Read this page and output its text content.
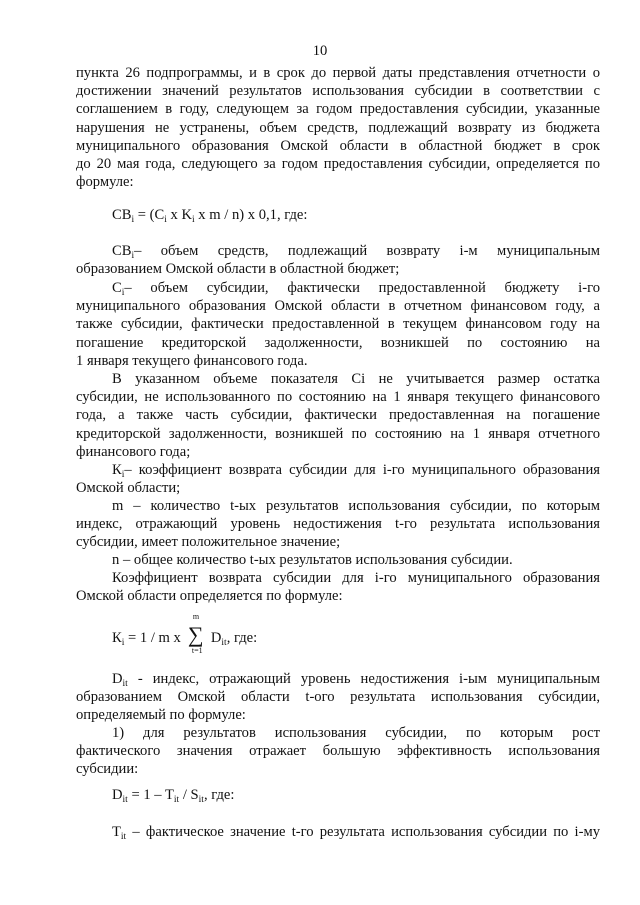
10
пункта 26 подпрограммы, и в срок до первой даты представления отчетности о
достижении значений результатов использования субсидии в соответствии с
соглашением в году, следующем за годом предоставления субсидии, указанные
нарушения не устранены, объем средств, подлежащий возврату из бюджета
муниципального образования Омской области в областной бюджет в срок
до 20 мая года, следующего за годом предоставления субсидии, определяется по
формуле:
$СВ_i = (C_i$ x $K_i$ x m / n) x 0,1, где:
$СВ_i-$ объем средств, подлежащий возврату i-м муниципальным
образованием Омской области в областной бюджет;
$С_i-$ объем субсидии, фактически предоставленной бюджету i-го
муниципального образования Омской области в отчетном финансовом году, а
также субсидии, фактически предоставленной в текущем финансовом году на
погашение кредиторской задолженности, возникшей по состоянию на
1 января текущего финансового года.
В указанном объеме показателя Ci не учитывается размер остатка
субсидии, не использованного по состоянию на 1 января текущего финансового
года, а также часть субсидии, фактически предоставленная на погашение
кредиторской задолженности, возникшей по состоянию на 1 января отчетного
финансового года;
$К_i-$ коэффициент возврата субсидии для i-го муниципального образования
Омской области;
m – количество t-ых результатов использования субсидии, по которым
индекс, отражающий уровень недостижения t-го результата использования
субсидии, имеет положительное значение;
n – общее количество t-ых результатов использования субсидии.
Коэффициент возврата субсидии для i-го муниципального образования
Омской области определяется по формуле:
$К_i = 1 / m$ x
m
∑
t=1
$D_{it}$, где:
$D_{it}$ - индекс, отражающий уровень недостижения i-ым муниципальным
образованием Омской области t-ого результата использования субсидии,
определяемый по формуле:
1) для результатов использования субсидии, по которым рост
фактического значения отражает большую эффективность использования
субсидии:
$D_{it} = 1 - T_{it} / S_{it}$, где:
$Т_{it}$ – фактическое значение t-го результата использования субсидии по i-му
